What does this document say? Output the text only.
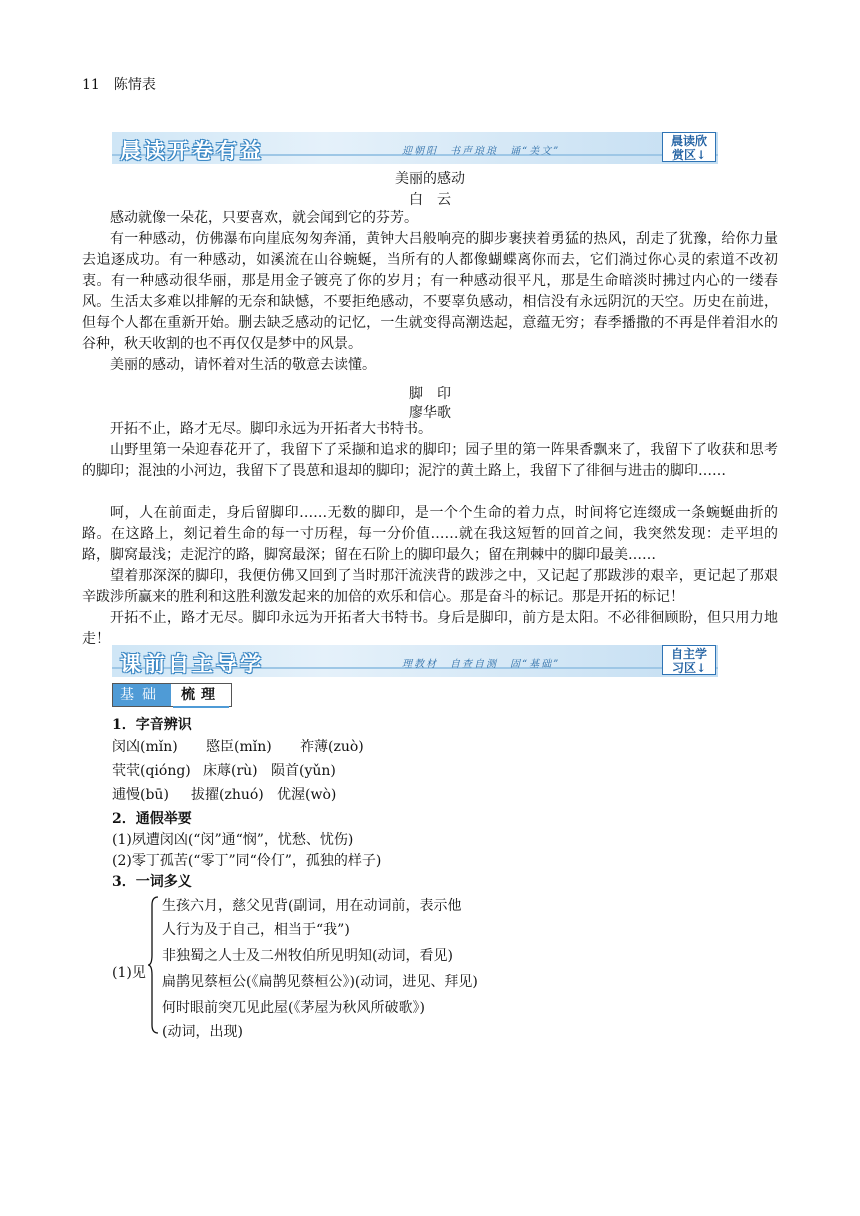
11 陈情表
晨读开卷有益	迎朝阳　书声琅琅　诵“美文”
晨读欣
赏区↓
美丽的感动
白　云
感动就像一朵花，只要喜欢，就会闻到它的芬芳。
有一种感动，仿佛瀑布向崖底匆匆奔涌，黄钟大吕般响亮的脚步裹挟着勇猛的热风，刮走了犹豫，给你力量去追逐成功。有一种感动，如溪流在山谷蜿蜒，当所有的人都像蝴蝶离你而去，它们淌过你心灵的索道不改初衷。有一种感动很华丽，那是用金子镀亮了你的岁月；有一种感动很平凡，那是生命暗淡时拂过内心的一缕春风。生活太多难以排解的无奈和缺憾，不要拒绝感动，不要辜负感动，相信没有永远阴沉的天空。历史在前进，但每个人都在重新开始。删去缺乏感动的记忆，一生就变得高潮迭起，意蕴无穷；春季播撒的不再是伴着泪水的谷种，秋天收割的也不再仅仅是梦中的风景。
美丽的感动，请怀着对生活的敬意去读懂。
脚　印
廖华歌
开拓不止，路才无尽。脚印永远为开拓者大书特书。
山野里第一朵迎春花开了，我留下了采撷和追求的脚印；园子里的第一阵果香飘来了，我留下了收获和思考的脚印；混浊的小河边，我留下了畏葸和退却的脚印；泥泞的黄土路上，我留下了徘徊与进击的脚印……
呵，人在前面走，身后留脚印……无数的脚印，是一个个生命的着力点，时间将它连缀成一条蜿蜒曲折的路。在这路上，刻记着生命的每一寸历程，每一分价值……就在我这短暂的回首之间，我突然发现：走平坦的路，脚窝最浅；走泥泞的路，脚窝最深；留在石阶上的脚印最久；留在荆棘中的脚印最美……
望着那深深的脚印，我便仿佛又回到了当时那汗流浃背的跋涉之中，又记起了那跋涉的艰辛，更记起了那艰辛跋涉所赢来的胜利和这胜利激发起来的加倍的欢乐和信心。那是奋斗的标记。那是开拓的标记！
开拓不止，路才无尽。脚印永远为开拓者大书特书。身后是脚印，前方是太阳。不必徘徊顾盼，但只用力地走！
课前自主导学	理教材　自查自测　固“基础”
自主学
习区↓
基础	梳理
1．字音辨识
闵凶(mǐn) 愍臣(mǐn) 祚薄(zuò)
茕茕(qióng) 床蓐(rù) 陨首(yǔn)
逋慢(bū) 拔擢(zhuó) 优渥(wò)
2．通假举要
(1)夙遭闵凶(“闵”通“悯”，忧愁、忧伤)
(2)零丁孤苦(“零丁”同“伶仃”，孤独的样子)
3．一词多义
(1)见
生孩六月，慈父见背(副词，用在动词前，表示他
人行为及于自己，相当于“我”)
非独蜀之人士及二州牧伯所见明知(动词，看见)
扁鹊见蔡桓公(《扁鹊见蔡桓公》)(动词，进见、拜见)
何时眼前突兀见此屋(《茅屋为秋风所破歌》)
(动词，出现)
